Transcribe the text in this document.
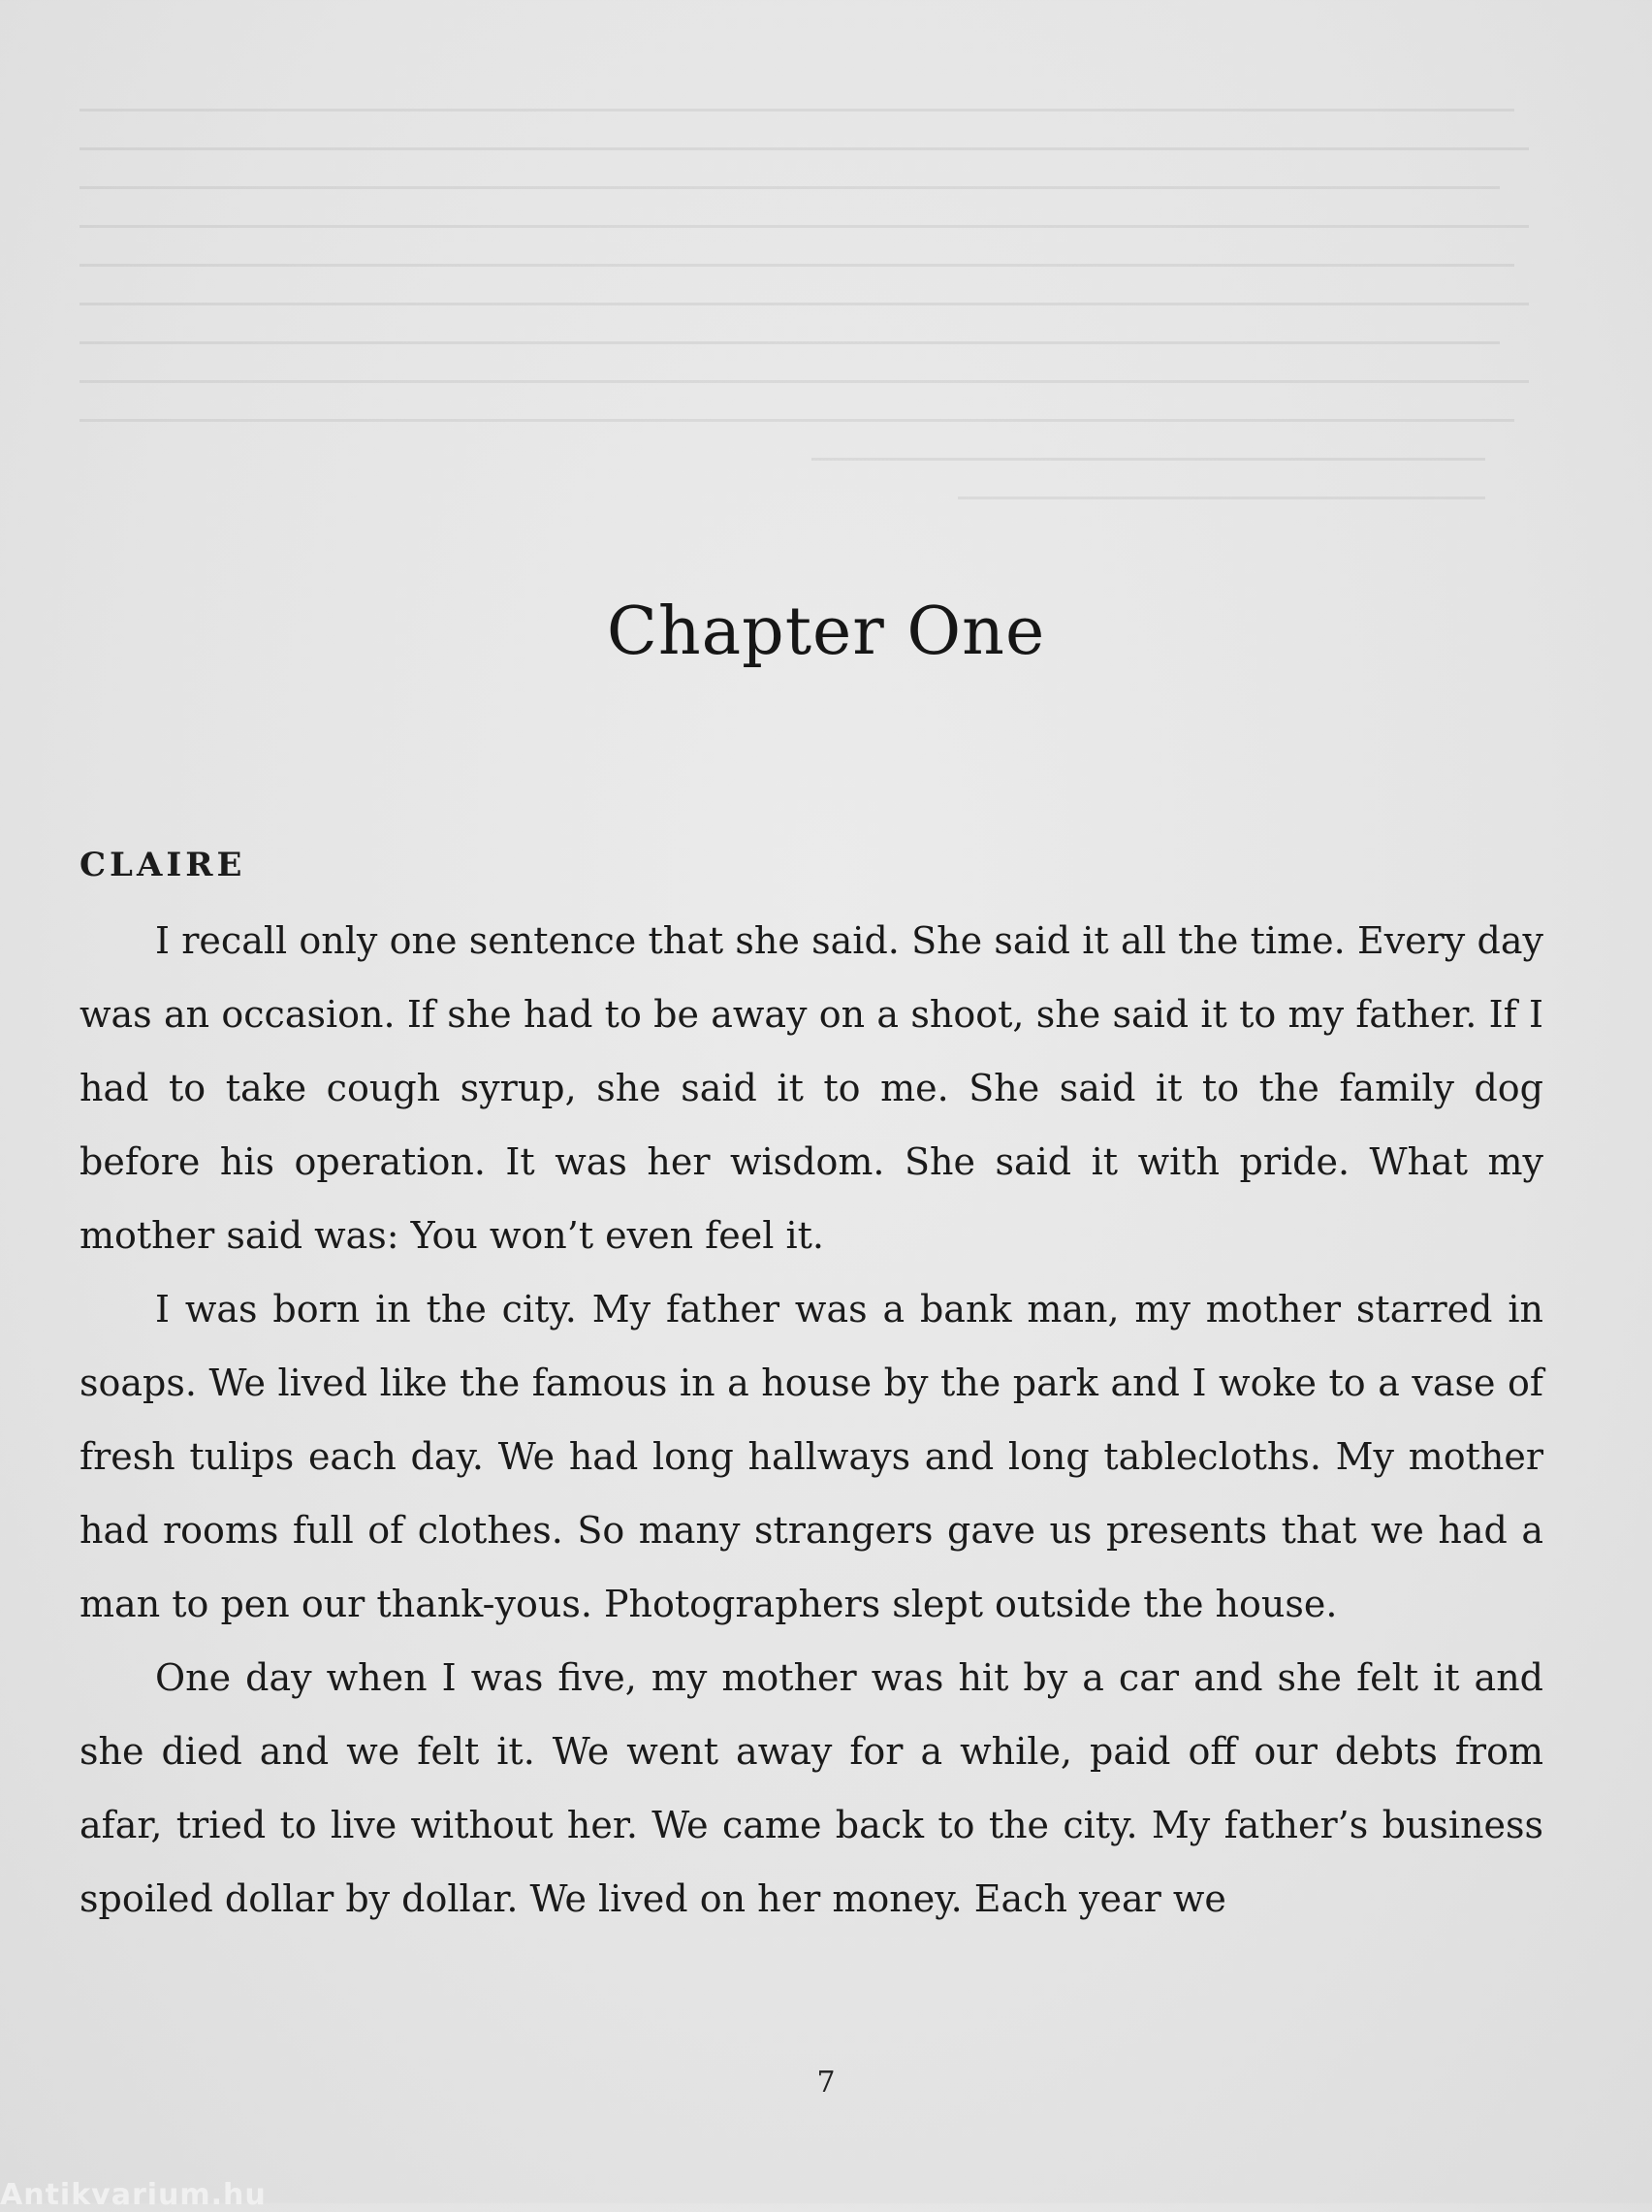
Chapter One
CLAIRE

I recall only one sentence that she said. She said it all the time. Every day was an occasion. If she had to be away on a shoot, she said it to my father. If I had to take cough syrup, she said it to me. She said it to the family dog before his operation. It was her wisdom. She said it with pride. What my mother said was: You won’t even feel it.

I was born in the city. My father was a bank man, my mother starred in soaps. We lived like the famous in a house by the park and I woke to a vase of fresh tulips each day. We had long hallways and long tablecloths. My mother had rooms full of clothes. So many strangers gave us presents that we had a man to pen our thank-yous. Photographers slept outside the house.

One day when I was five, my mother was hit by a car and she felt it and she died and we felt it. We went away for a while, paid off our debts from afar, tried to live without her. We came back to the city. My father’s business spoiled dollar by dollar. We lived on her money. Each year we

7
Antikvarium.hu
